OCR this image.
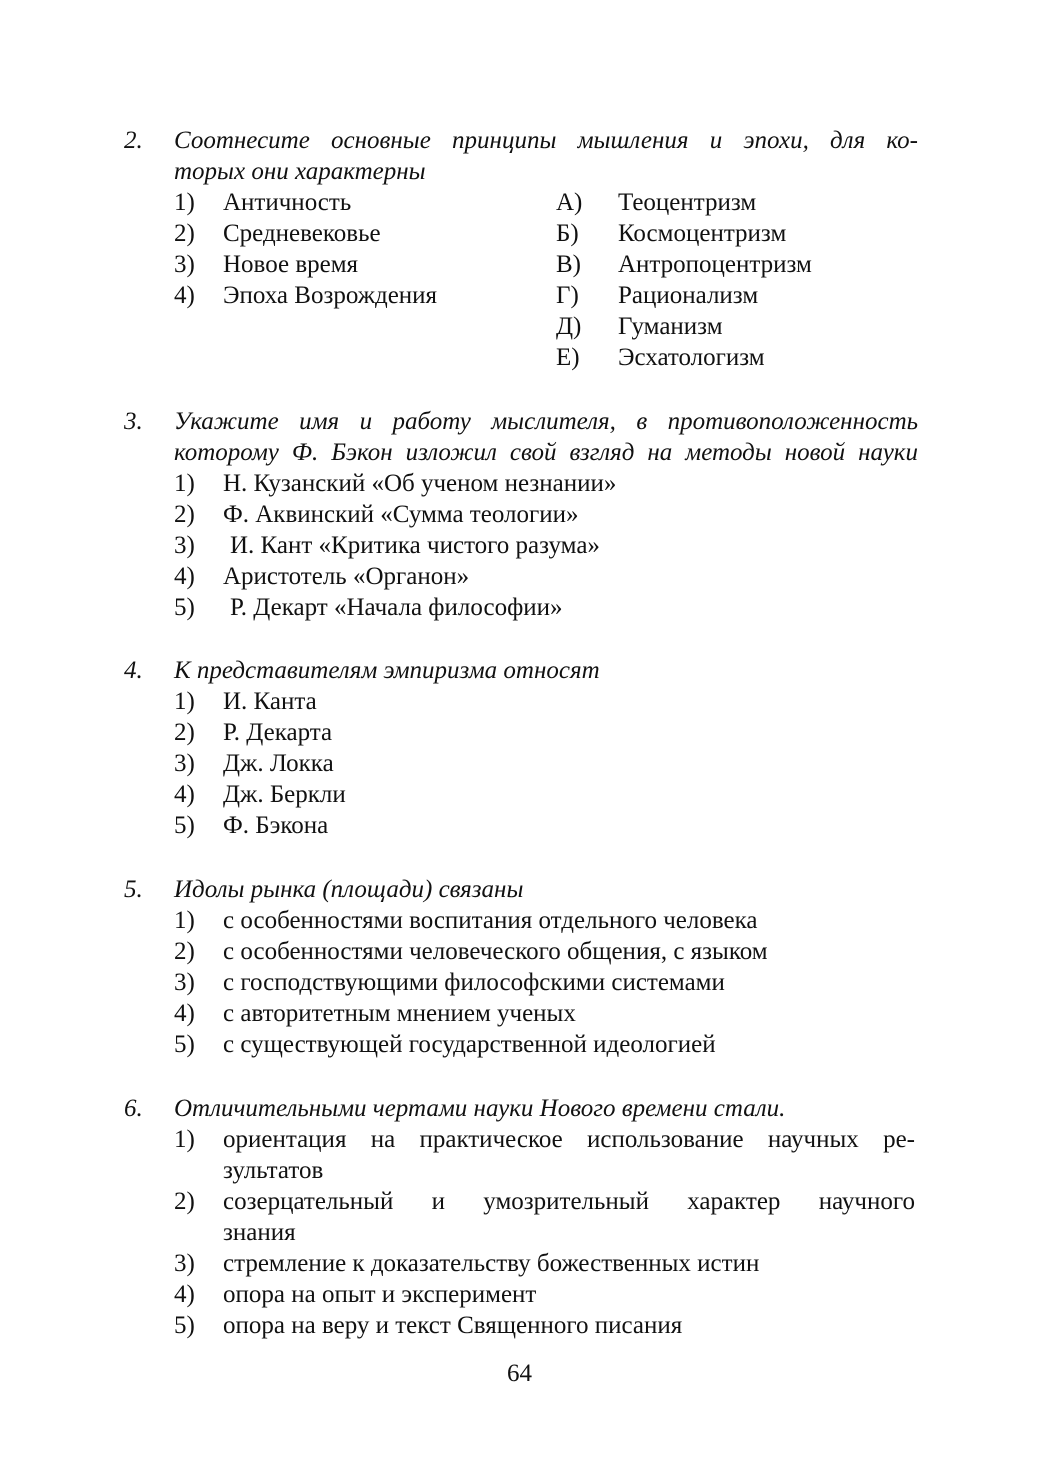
2. Соотнесите основные принципы мышления и эпохи, для ко-
торых они характерны
1) Античность
2) Средневековье
3) Новое время
4) Эпоха Возрождения
А) Теоцентризм
Б) Космоцентризм
В) Антропоцентризм
Г) Рационализм
Д) Гуманизм
Е) Эсхатологизм
3. Укажите имя и работу мыслителя, в противоположенность
которому Ф. Бэкон изложил свой взгляд на методы новой науки
1) Н. Кузанский «Об ученом незнании»
2) Ф. Аквинский «Сумма теологии»
3) И. Кант «Критика чистого разума»
4) Аристотель «Органон»
5) Р. Декарт «Начала философии»
4. К представителям эмпиризма относят
1) И. Канта
2) Р. Декарта
3) Дж. Локка
4) Дж. Беркли
5) Ф. Бэкона
5. Идолы рынка (площади) связаны
1) с особенностями воспитания отдельного человека
2) с особенностями человеческого общения, с языком
3) с господствующими философскими системами
4) с авторитетным мнением ученых
5) с существующей государственной идеологией
6. Отличительными чертами науки Нового времени стали.
1) ориентация на практическое использование научных ре-
зультатов
2) созерцательный и умозрительный характер научного
знания
3) стремление к доказательству божественных истин
4) опора на опыт и эксперимент
5) опора на веру и текст Священного писания
64
